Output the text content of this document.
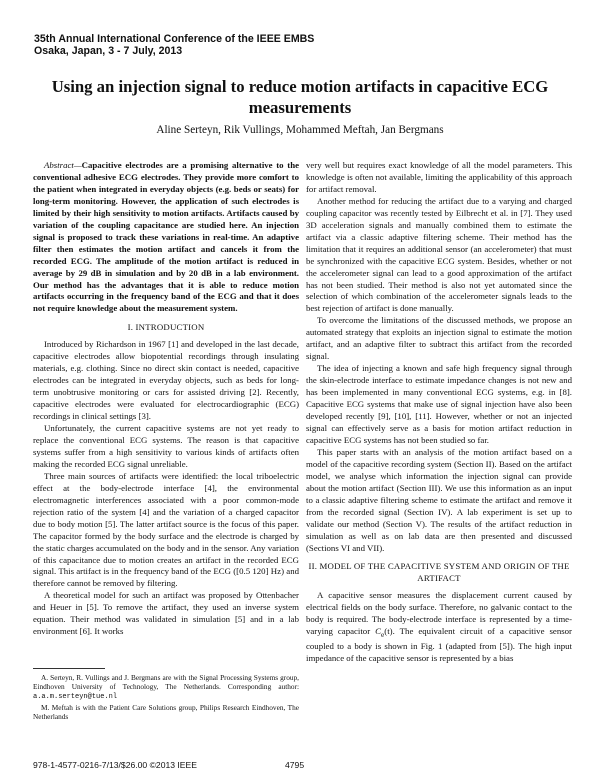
35th Annual International Conference of the IEEE EMBS
Osaka, Japan, 3 - 7 July, 2013
Using an injection signal to reduce motion artifacts in capacitive ECG measurements
Aline Serteyn, Rik Vullings, Mohammed Meftah, Jan Bergmans

Abstract—Capacitive electrodes are a promising alternative to the conventional adhesive ECG electrodes. They provide more comfort to the patient when integrated in everyday objects (e.g. beds or seats) for long-term monitoring. However, the application of such electrodes is limited by their high sensitivity to motion artifacts. Artifacts caused by variation of the coupling capacitance are studied here. An injection signal is proposed to track these variations in real-time. An adaptive filter then estimates the motion artifact and cancels it from the recorded ECG. The amplitude of the motion artifact is reduced in average by 29 dB in simulation and by 20 dB in a lab environment. Our method has the advantages that it is able to reduce motion artifacts occurring in the frequency band of the ECG and that it does not require knowledge about the measurement system.

I. INTRODUCTION

Introduced by Richardson in 1967 [1] and developed in the last decade, capacitive electrodes allow biopotential recordings through insulating materials, e.g. clothing. Since no direct skin contact is needed, capacitive electrodes can be integrated in everyday objects, such as beds for long-term unobtrusive monitoring or cars for assisted driving [2]. Recently, capacitive electrodes were evaluated for electrocardiographic (ECG) recordings in clinical settings [3].

Unfortunately, the current capacitive systems are not yet ready to replace the conventional ECG systems. The reason is that capacitive systems suffer from a high sensitivity to various kinds of artifacts often making the recorded ECG signal unreliable.

Three main sources of artifacts were identified: the local triboelectric effect at the body-electrode interface [4], the environmental electromagnetic interferences associated with a poor common-mode rejection ratio of the system [4] and the variation of a charged capacitor due to body motion [5]. The latter artifact source is the focus of this paper. The capacitor formed by the body surface and the electrode is charged by the static charges accumulated on the body and in the sensor. Any variation of this capacitance due to motion creates an artifact in the recorded ECG signal. This artifact is in the frequency band of the ECG ([0.5 120] Hz) and therefore cannot be removed by filtering.

A theoretical model for such an artifact was proposed by Ottenbacher and Heuer in [5]. To remove the artifact, they used an inverse system equation. Their method was validated in simulation [5] and in a lab environment [6]. It works

A. Serteyn, R. Vullings and J. Bergmans are with the Signal Processing Systems group, Eindhoven University of Technology, The Netherlands. Corresponding author: a.a.m.serteyn@tue.nl

M. Meftah is with the Patient Care Solutions group, Philips Research Eindhoven, The Netherlands

very well but requires exact knowledge of all the model parameters. This knowledge is often not available, limiting the applicability of this approach for artifact removal.

Another method for reducing the artifact due to a varying and charged coupling capacitor was recently tested by Eilbrecht et al. in [7]. They used 3D acceleration signals and manually combined them to estimate the artifact via a classic adaptive filtering scheme. Their method has the limitation that it requires an additional sensor (an accelerometer) that must be synchronized with the capacitive ECG system. Besides, whether or not the accelerometer signal can lead to a good approximation of the artifact has not been studied. Their method is also not yet automated since the selection of which combination of the accelerometer signals leads to the best rejection of artifact is done manually.

To overcome the limitations of the discussed methods, we propose an automated strategy that exploits an injection signal to estimate the motion artifact, and an adaptive filter to subtract this artifact from the recorded signal.

The idea of injecting a known and safe high frequency signal through the skin-electrode interface to estimate impedance changes is not new and has been implemented in many conventional ECG systems, e.g. in [8]. Capacitive ECG systems that make use of signal injection have also been developed recently [9], [10], [11]. However, whether or not an injected signal can effectively serve as a basis for motion artifact reduction in capacitive ECG systems has not been studied so far.

This paper starts with an analysis of the motion artifact based on a model of the capacitive recording system (Section II). Based on the artifact model, we analyse which information the injection signal can provide about the motion artifact (Section III). We use this information as an input to a classic adaptive filtering scheme to estimate the artifact and remove it from the recorded signal (Section IV). A lab experiment is set up to validate our method (Section V). The results of the artifact reduction in simulation as well as on lab data are then presented and discussed (Sections VI and VII).

II. MODEL OF THE CAPACITIVE SYSTEM AND ORIGIN OF THE ARTIFACT

A capacitive sensor measures the displacement current caused by electrical fields on the body surface. Therefore, no galvanic contact to the body is required. The body-electrode interface is represented by a time-varying capacitor $C_e(t)$. The equivalent circuit of a capacitive sensor coupled to a body is shown in Fig. 1 (adapted from [5]). The high input impedance of the capacitive sensor is represented by a bias

978-1-4577-0216-7/13/$26.00 ©2013 IEEE	4795
